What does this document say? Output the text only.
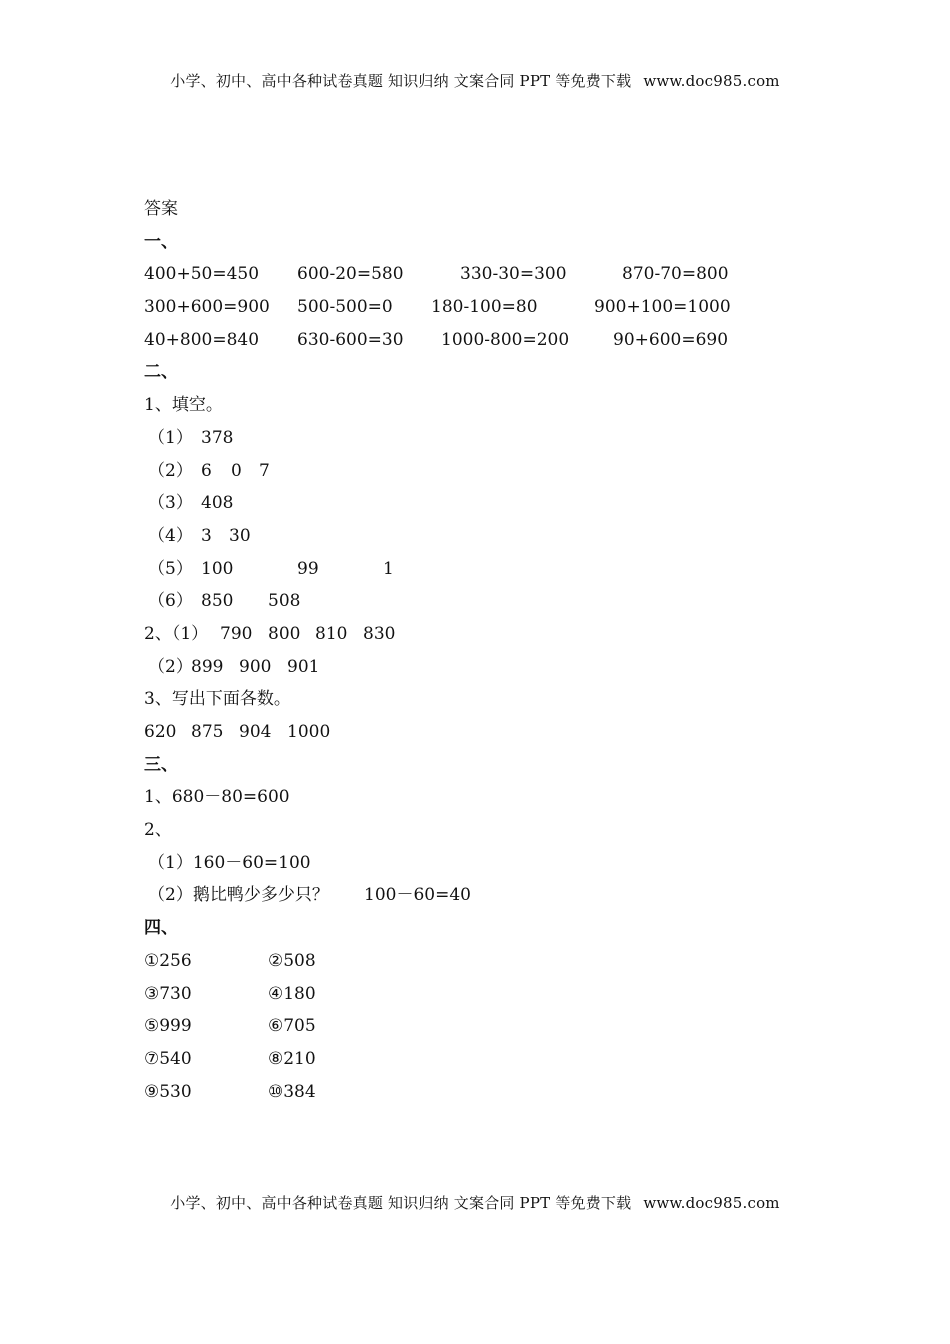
小学、初中、高中各种试卷真题 知识归纳 文案合同 PPT 等免费下载 www.doc985.com
答案
一、
400+50=450 600-20=580	330-30=300	870-70=800
300+600=900 500-500=0 180-100=80	900+100=1000
40+800=840 630-600=30 1000-800=200	90+600=690
二、
1、填空。
（1） 378
（2） 6 0 7
（3） 408
（4） 3 30
（5） 100	99	1
（6） 850 508
2、（1） 790 800 810 830
（2）
899 900 901
3、写出下面各数。
620 875 904 1000
三、
1、680－80=600
2、
（1）160－60=100
（2）鹅比鸭少多少只？ 100－60=40
四、
①256	②508
③730	④180
⑤999	⑥705
⑦540	⑧210
⑨530	⑩384
小学、初中、高中各种试卷真题 知识归纳 文案合同 PPT 等免费下载 www.doc985.com
